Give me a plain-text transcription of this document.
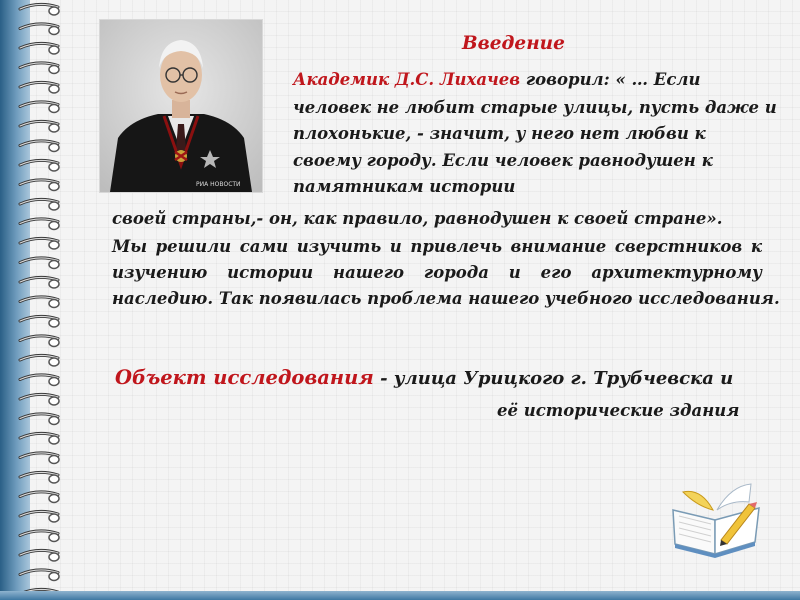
РИА НОВОСТИ
Введение
Академик Д.С. Лихачев говорил: « … Если
человек не любит старые улицы, пусть даже и
плохонькие, - значит, у него нет любви к
своему городу. Если человек равнодушен к
памятникам истории
своей страны,- он, как правило, равнодушен к своей стране».
Мы решили сами изучить и привлечь внимание сверстников к
изучению истории нашего города и его архитектурному
наследию. Так появилась проблема нашего учебного исследования.
Объект исследования - улица Урицкого г. Трубчевска и
её исторические здания
